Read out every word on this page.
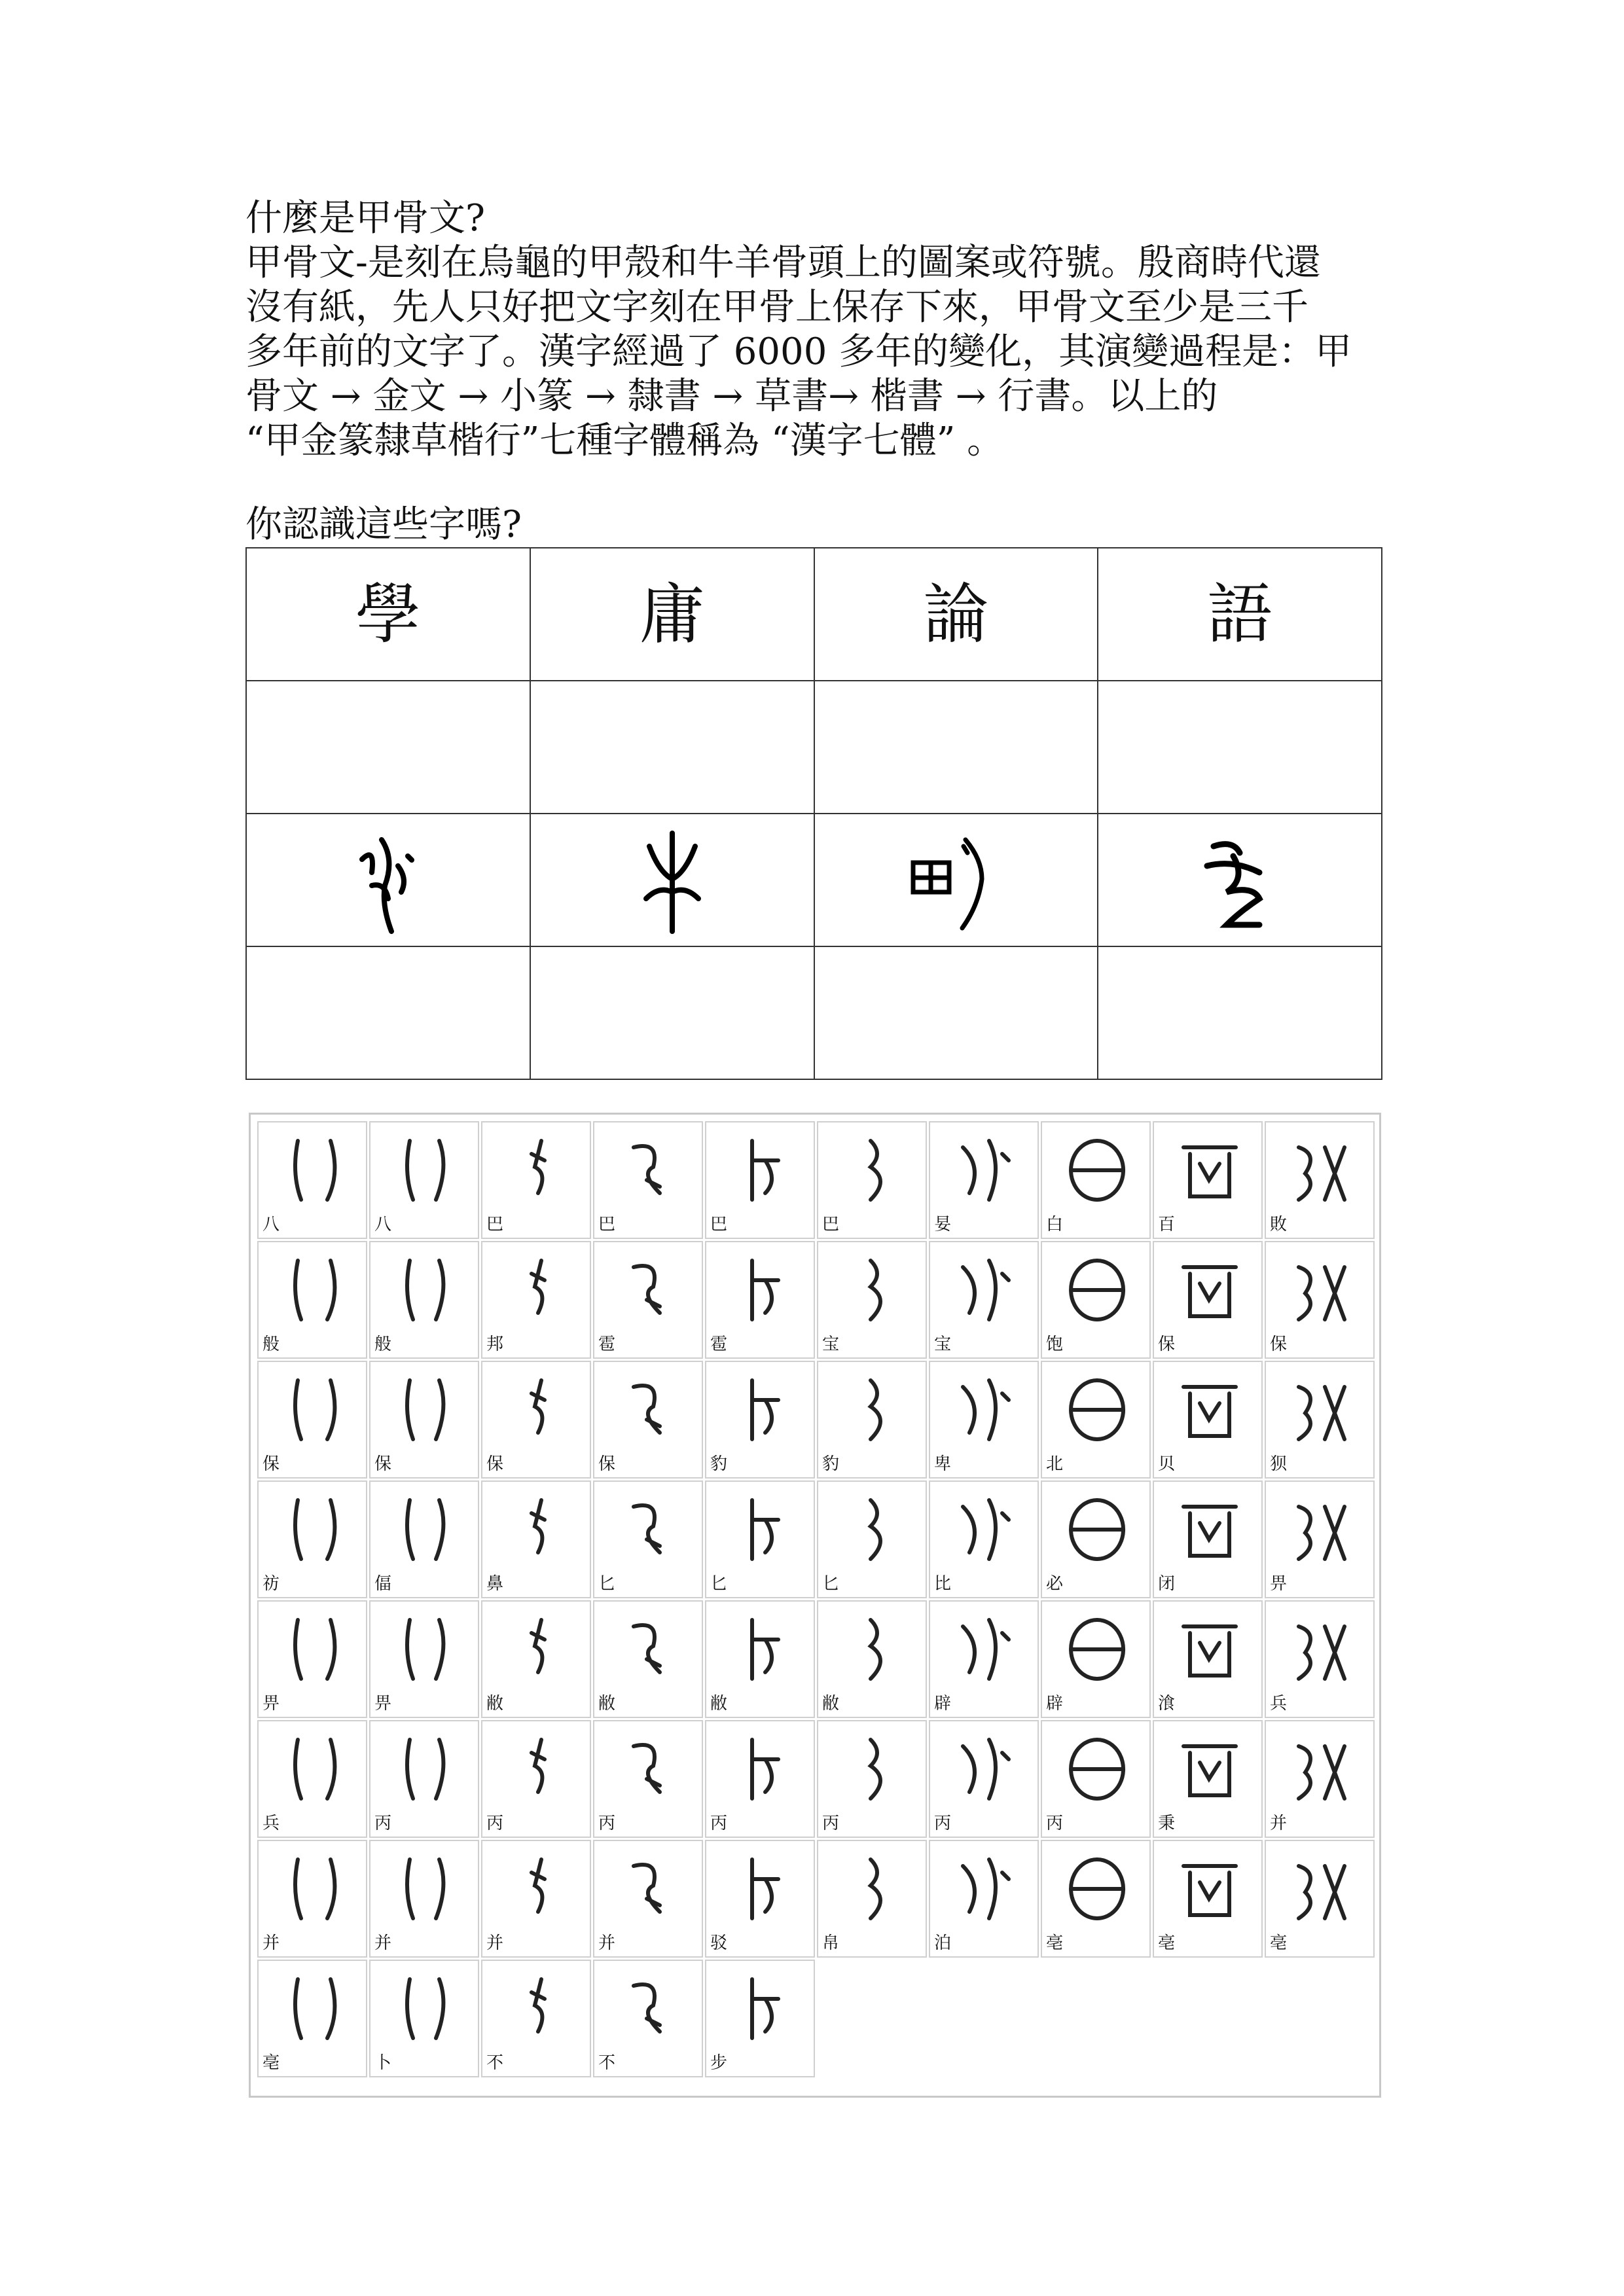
什麼是甲骨文?

甲骨文-是刻在烏龜的甲殼和牛羊骨頭上的圖案或符號。殷商時代還

沒有紙，先人只好把文字刻在甲骨上保存下來，甲骨文至少是三千

多年前的文字了。漢字經過了 6000 多年的變化，其演變過程是：甲

骨文 → 金文 → 小篆 → 隸書 → 草書→ 楷書 → 行書。以上的

“甲金篆隸草楷行”七種字體稱為 “漢字七體” 。

你認識這些字嗎?
學	庸	論	語

八	八	巴	巴	巴	巴	妟	白	百	敗
般	般	邦	雹	雹	宝	宝	饱	保	保
保	保	保	保	豹	豹	卑	北	贝	狈
祊	偪	鼻	匕	匕	匕	比	必	闭	畀
畀	畀	敝	敝	敝	敝	辟	辟	湌	兵
兵	丙	丙	丙	丙	丙	丙	丙	秉	并
并	并	并	并	驳	帛	泊	亳	亳	亳
亳	卜	不	不	步
